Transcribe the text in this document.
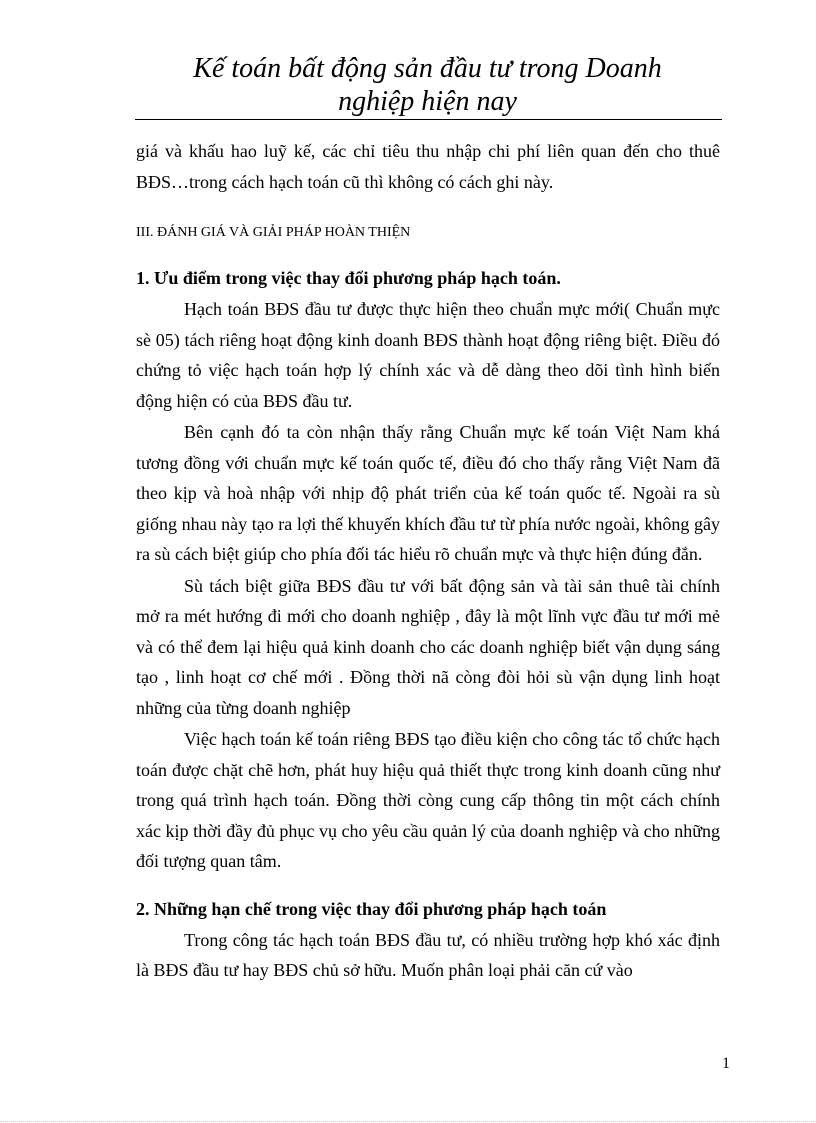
Kế toán bất động sản đầu tư trong Doanh
nghiệp hiện nay

giá và khấu hao luỹ kế, các chỉ tiêu thu nhập chi phí liên quan đến cho thuê BĐS…trong cách hạch toán cũ thì không có cách ghi này.

III. ĐÁNH GIÁ VÀ GIẢI PHÁP HOÀN THIỆN

1. Ưu điểm trong việc thay đổi phương pháp hạch toán.

Hạch toán BĐS đầu tư được thực hiện theo chuẩn mực mới( Chuẩn mực sè 05) tách riêng hoạt động kinh doanh BĐS thành hoạt động riêng biệt. Điều đó chứng tỏ việc hạch toán hợp lý chính xác và dễ dàng theo dõi tình hình biến động hiện có của BĐS đầu tư.

Bên cạnh đó ta còn nhận thấy rằng Chuẩn mực kế toán Việt Nam khá tương đồng với chuẩn mực kế toán quốc tế, điều đó cho thấy rằng Việt Nam đã theo kịp và hoà nhập với nhịp độ phát triển của kế toán quốc tế. Ngoài ra sù giống nhau này tạo ra lợi thế khuyến khích đầu tư từ phía nước ngoài, không gây ra sù cách biệt giúp cho phía đối tác hiểu rõ chuẩn mực và thực hiện đúng đắn.

Sù tách biệt giữa BĐS đầu tư với bất động sản và tài sản thuê tài chính mở ra mét hướng đi mới cho doanh nghiệp , đây là một lĩnh vực đầu tư mới mẻ và có thể đem lại hiệu quả kinh doanh cho các doanh nghiệp biết vận dụng sáng tạo , linh hoạt cơ chế mới . Đồng thời nã còng đòi hỏi sù vận dụng linh hoạt những của từng doanh nghiệp

Việc hạch toán kế toán riêng BĐS tạo điều kiện cho công tác tổ chức hạch toán được chặt chẽ hơn, phát huy hiệu quả thiết thực trong kinh doanh cũng như trong quá trình hạch toán. Đồng thời còng cung cấp thông tin một cách chính xác kịp thời đầy đủ phục vụ cho yêu cầu quản lý của doanh nghiệp và cho những đối tượng quan tâm.

2. Những hạn chế trong việc thay đổi phương pháp hạch toán

Trong công tác hạch toán BĐS đầu tư, có nhiều trường hợp khó xác định là BĐS đầu tư hay BĐS chủ sở hữu. Muốn phân loại phải căn cứ vào

1
